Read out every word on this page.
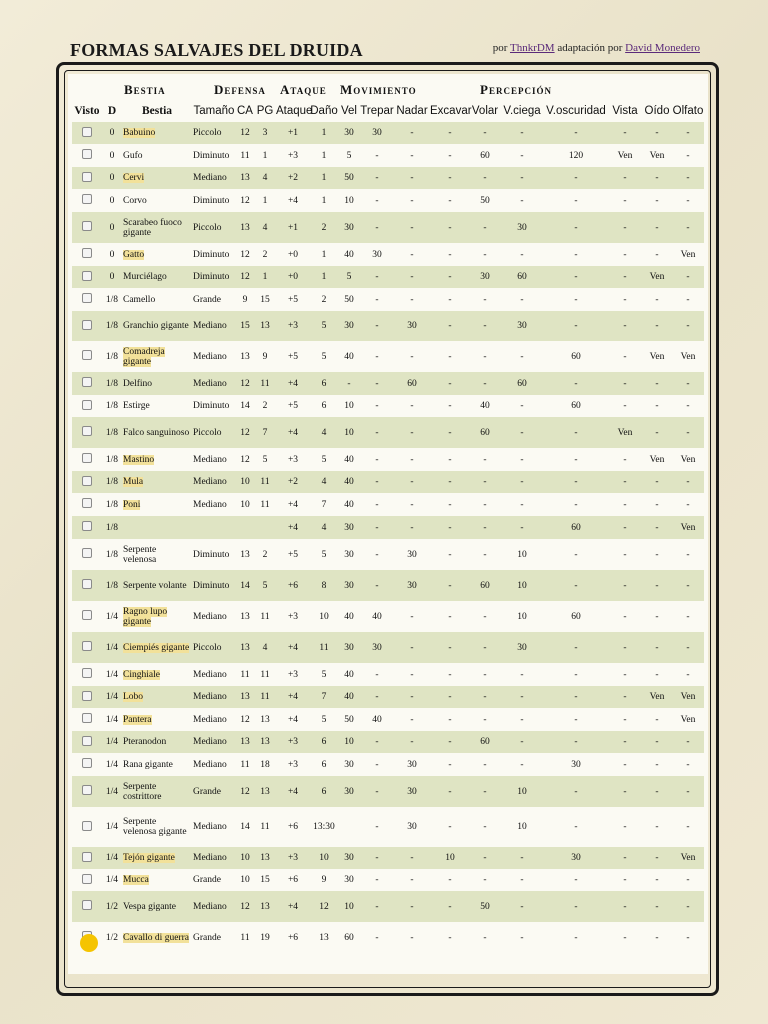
FORMAS SALVAJES DEL DRUIDA	por ThnkrDM adaptación por David Monedero
Bestia	Defensa Ataque Movimiento	Percepción
Visto	D	Bestia	Tamaño	CA	PG	Ataque	Daño	Vel	Trepar	Nadar	Excavar	Volar	V.ciega	V.oscuridad	Vista	Oído	Olfato
	0	Babuino	Piccolo	12	3	+1	1	30	30	-	-	-	-	-	-	-	-
	0	Gufo	Diminuto	11	1	+3	1	5	-	-	-	60	-	120	Ven	Ven	-
	0	Cervi	Mediano	13	4	+2	1	50	-	-	-	-	-	-	-	-	-
	0	Corvo	Diminuto	12	1	+4	1	10	-	-	-	50	-	-	-	-	-
	0	Scarabeo fuoco gigante	Piccolo	13	4	+1	2	30	-	-	-	-	30	-	-	-	-
	0	Gatto	Diminuto	12	2	+0	1	40	30	-	-	-	-	-	-	-	Ven
	0	Murciélago	Diminuto	12	1	+0	1	5	-	-	-	30	60	-	-	Ven	-
	1/8	Camello	Grande	9	15	+5	2	50	-	-	-	-	-	-	-	-	-
	1/8	Granchio gigante	Mediano	15	13	+3	5	30	-	30	-	-	30	-	-	-	-
	1/8	Comadreja gigante	Mediano	13	9	+5	5	40	-	-	-	-	-	60	-	Ven	Ven
	1/8	Delfino	Mediano	12	11	+4	6	-	-	60	-	-	60	-	-	-	-
	1/8	Estirge	Diminuto	14	2	+5	6	10	-	-	-	40	-	60	-	-	-
	1/8	Falco sanguinoso	Piccolo	12	7	+4	4	10	-	-	-	60	-	-	Ven	-	-
	1/8	Mastino	Mediano	12	5	+3	5	40	-	-	-	-	-	-	-	Ven	Ven
	1/8	Mula	Mediano	10	11	+2	4	40	-	-	-	-	-	-	-	-	-
	1/8	Poni	Mediano	10	11	+4	7	40	-	-	-	-	-	-	-	-	-
	1/8					+4	4	30	-	-	-	-	-	60	-	-	Ven
	1/8	Serpente velenosa	Diminuto	13	2	+5	5	30	-	30	-	-	10	-	-	-	-
	1/8	Serpente volante	Diminuto	14	5	+6	8	30	-	30	-	60	10	-	-	-	-
	1/4	Ragno lupo gigante	Mediano	13	11	+3	10	40	40	-	-	-	10	60	-	-	-
	1/4	Ciempiés gigante	Piccolo	13	4	+4	11	30	30	-	-	-	30	-	-	-	-
	1/4	Cinghiale	Mediano	11	11	+3	5	40	-	-	-	-	-	-	-	-	-
	1/4	Lobo	Mediano	13	11	+4	7	40	-	-	-	-	-	-	-	Ven	Ven
	1/4	Pantera	Mediano	12	13	+4	5	50	40	-	-	-	-	-	-	-	Ven
	1/4	Pteranodon	Mediano	13	13	+3	6	10	-	-	-	60	-	-	-	-	-
	1/4	Rana gigante	Mediano	11	18	+3	6	30	-	30	-	-	-	30	-	-	-
	1/4	Serpente costrittore	Grande	12	13	+4	6	30	-	30	-	-	10	-	-	-	-
	1/4	Serpente velenosa gigante	Mediano	14	11	+6	13:30		-	30	-	-	10	-	-	-	-
	1/4	Tejón gigante	Mediano	10	13	+3	10	30	-	-	10	-	-	30	-	-	Ven
	1/4	Mucca	Grande	10	15	+6	9	30	-	-	-	-	-	-	-	-	-
	1/2	Vespa gigante	Mediano	12	13	+4	12	10	-	-	-	50	-	-	-	-	-
	1/2	Cavallo di guerra	Grande	11	19	+6	13	60	-	-	-	-	-	-	-	-	-
